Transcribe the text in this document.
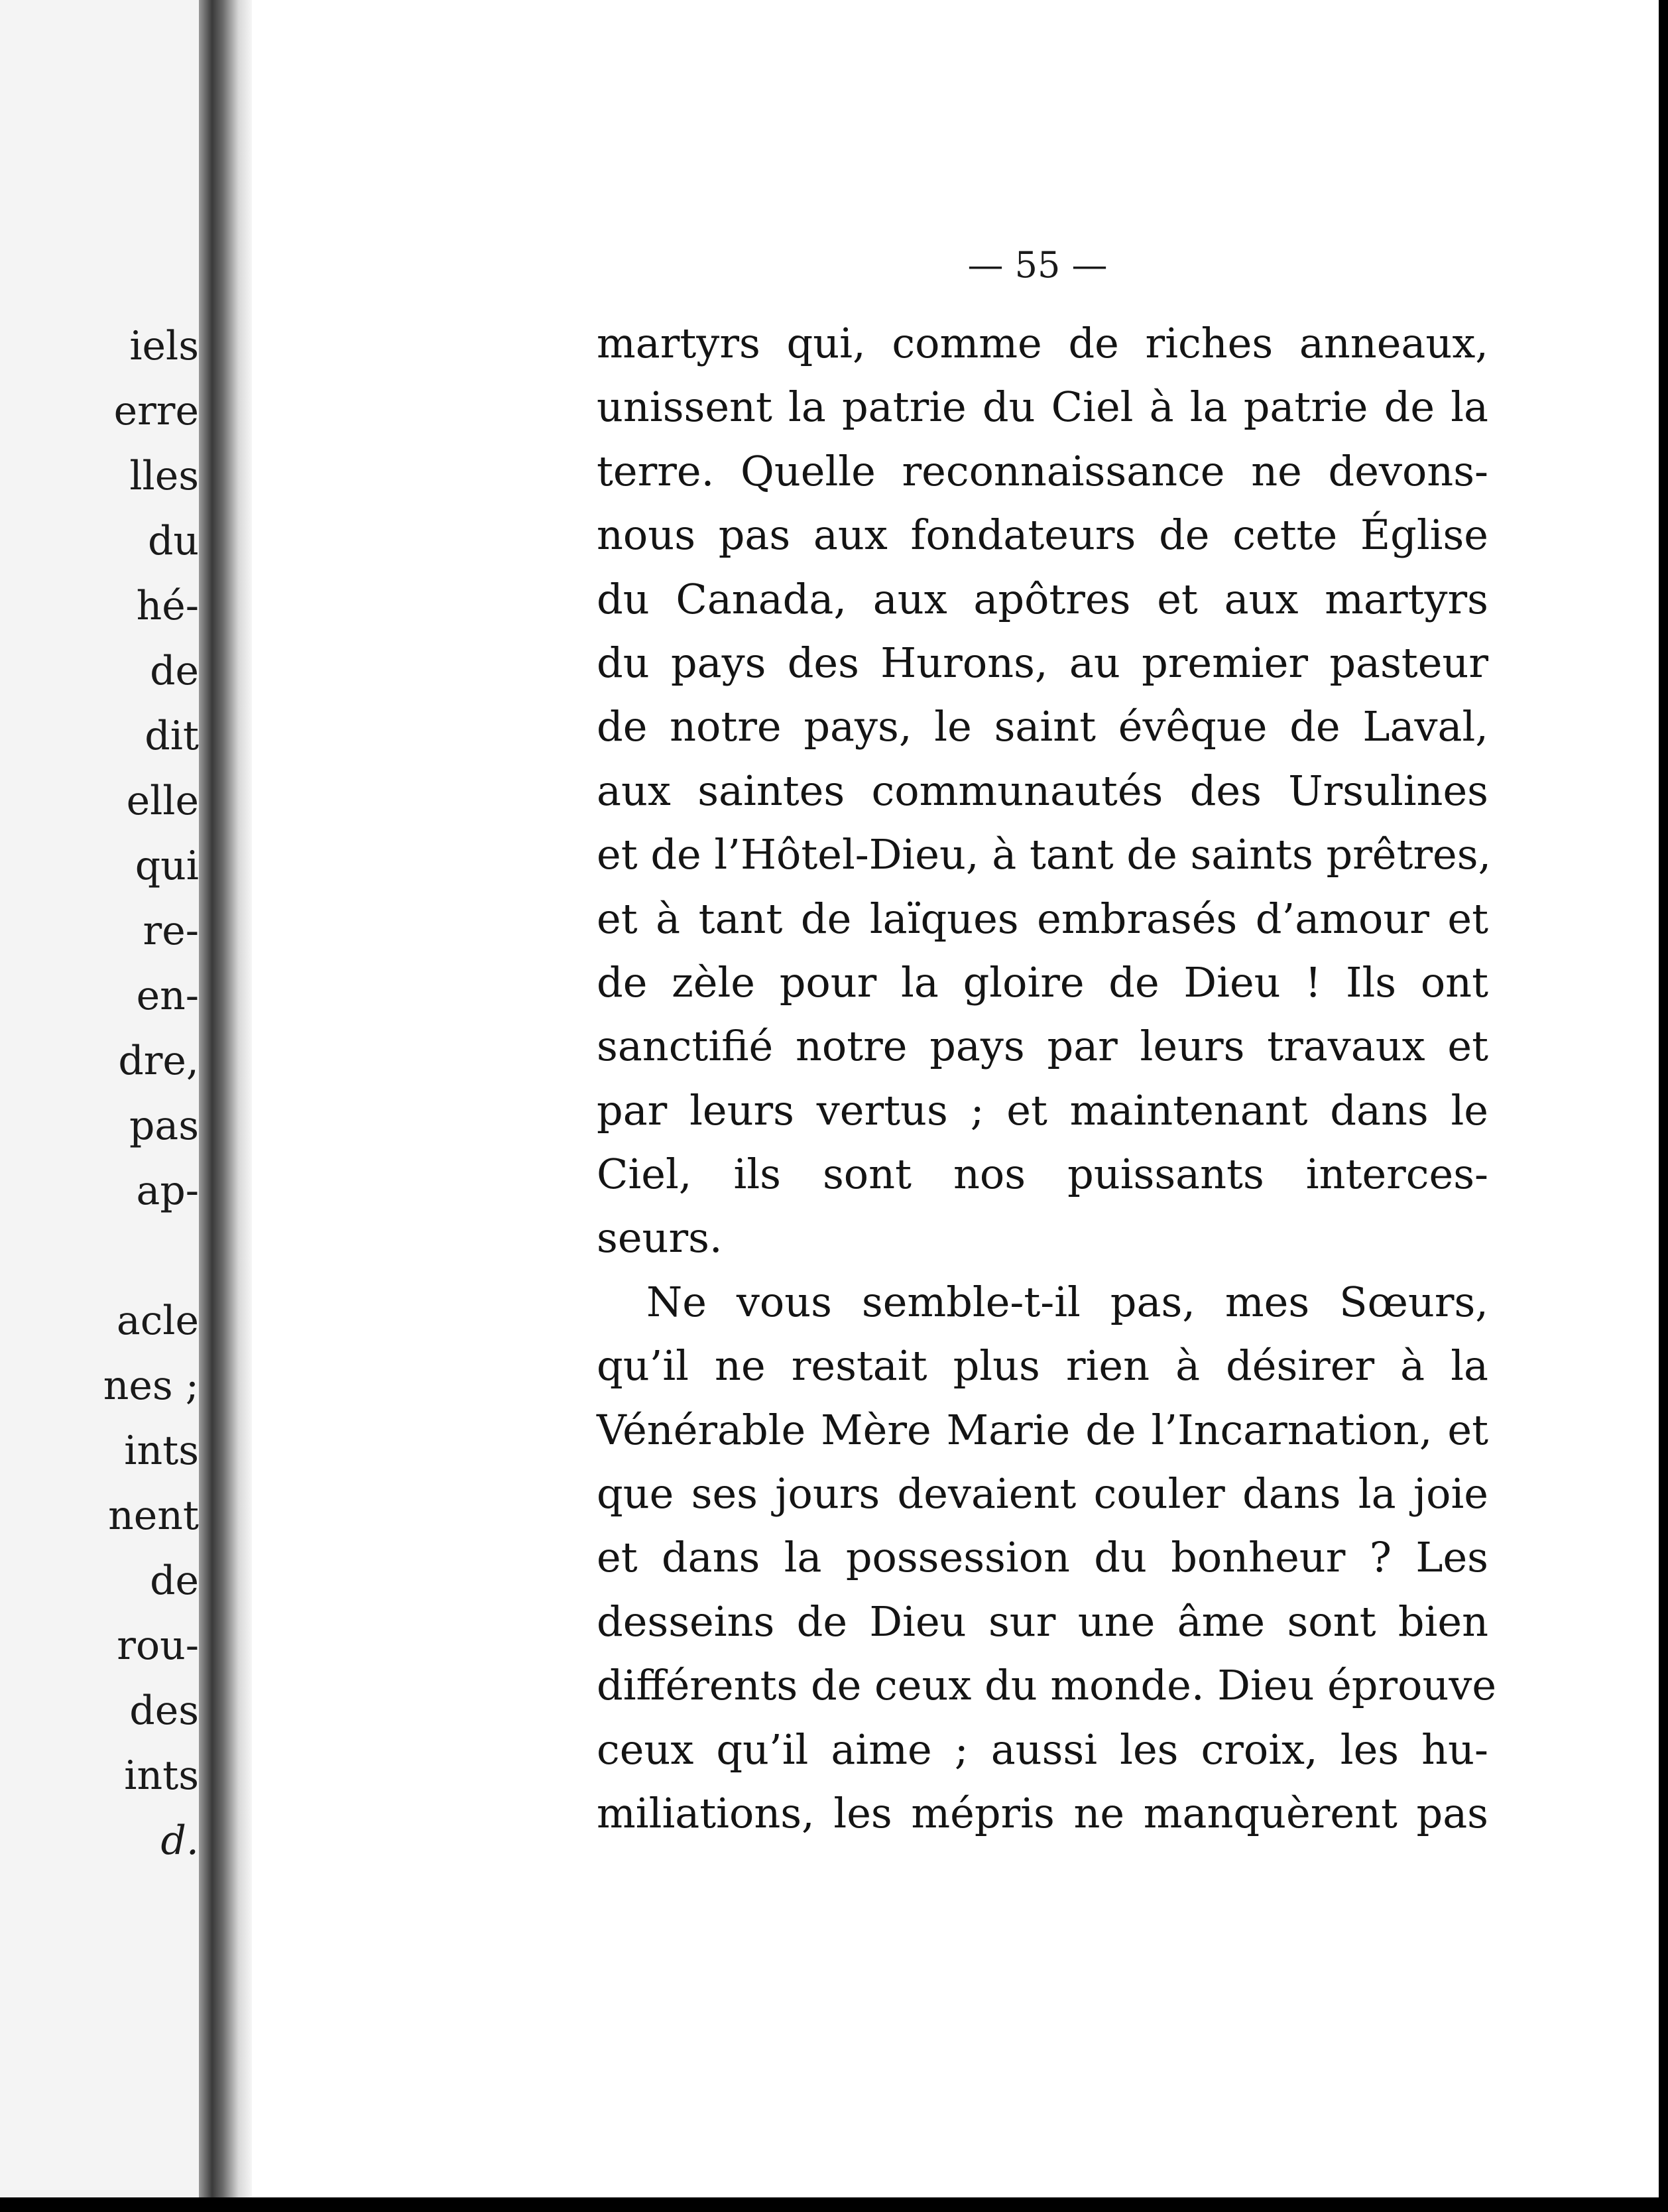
iels
erre
lles
du
hé-
de
dit
elle
qui
re-
en-
dre,
pas
ap-
acle
nes ;
ints
nent
de
rou-
des
ints
d.
— 55 —
martyrs qui, comme de riches anneaux,
unissent la patrie du Ciel à la patrie de la
terre. Quelle reconnaissance ne devons-
nous pas aux fondateurs de cette Église
du Canada, aux apôtres et aux martyrs
du pays des Hurons, au premier pasteur
de notre pays, le saint évêque de Laval,
aux saintes communautés des Ursulines
et de l’Hôtel-Dieu, à tant de saints prêtres,
et à tant de laïques embrasés d’amour et
de zèle pour la gloire de Dieu ! Ils ont
sanctifié notre pays par leurs travaux et
par leurs vertus ; et maintenant dans le
Ciel, ils sont nos puissants interces-
seurs.
Ne vous semble-t-il pas, mes Sœurs,
qu’il ne restait plus rien à désirer à la
Vénérable Mère Marie de l’Incarnation, et
que ses jours devaient couler dans la joie
et dans la possession du bonheur ? Les
desseins de Dieu sur une âme sont bien
différents de ceux du monde. Dieu éprouve
ceux qu’il aime ; aussi les croix, les hu-
miliations, les mépris ne manquèrent pas
